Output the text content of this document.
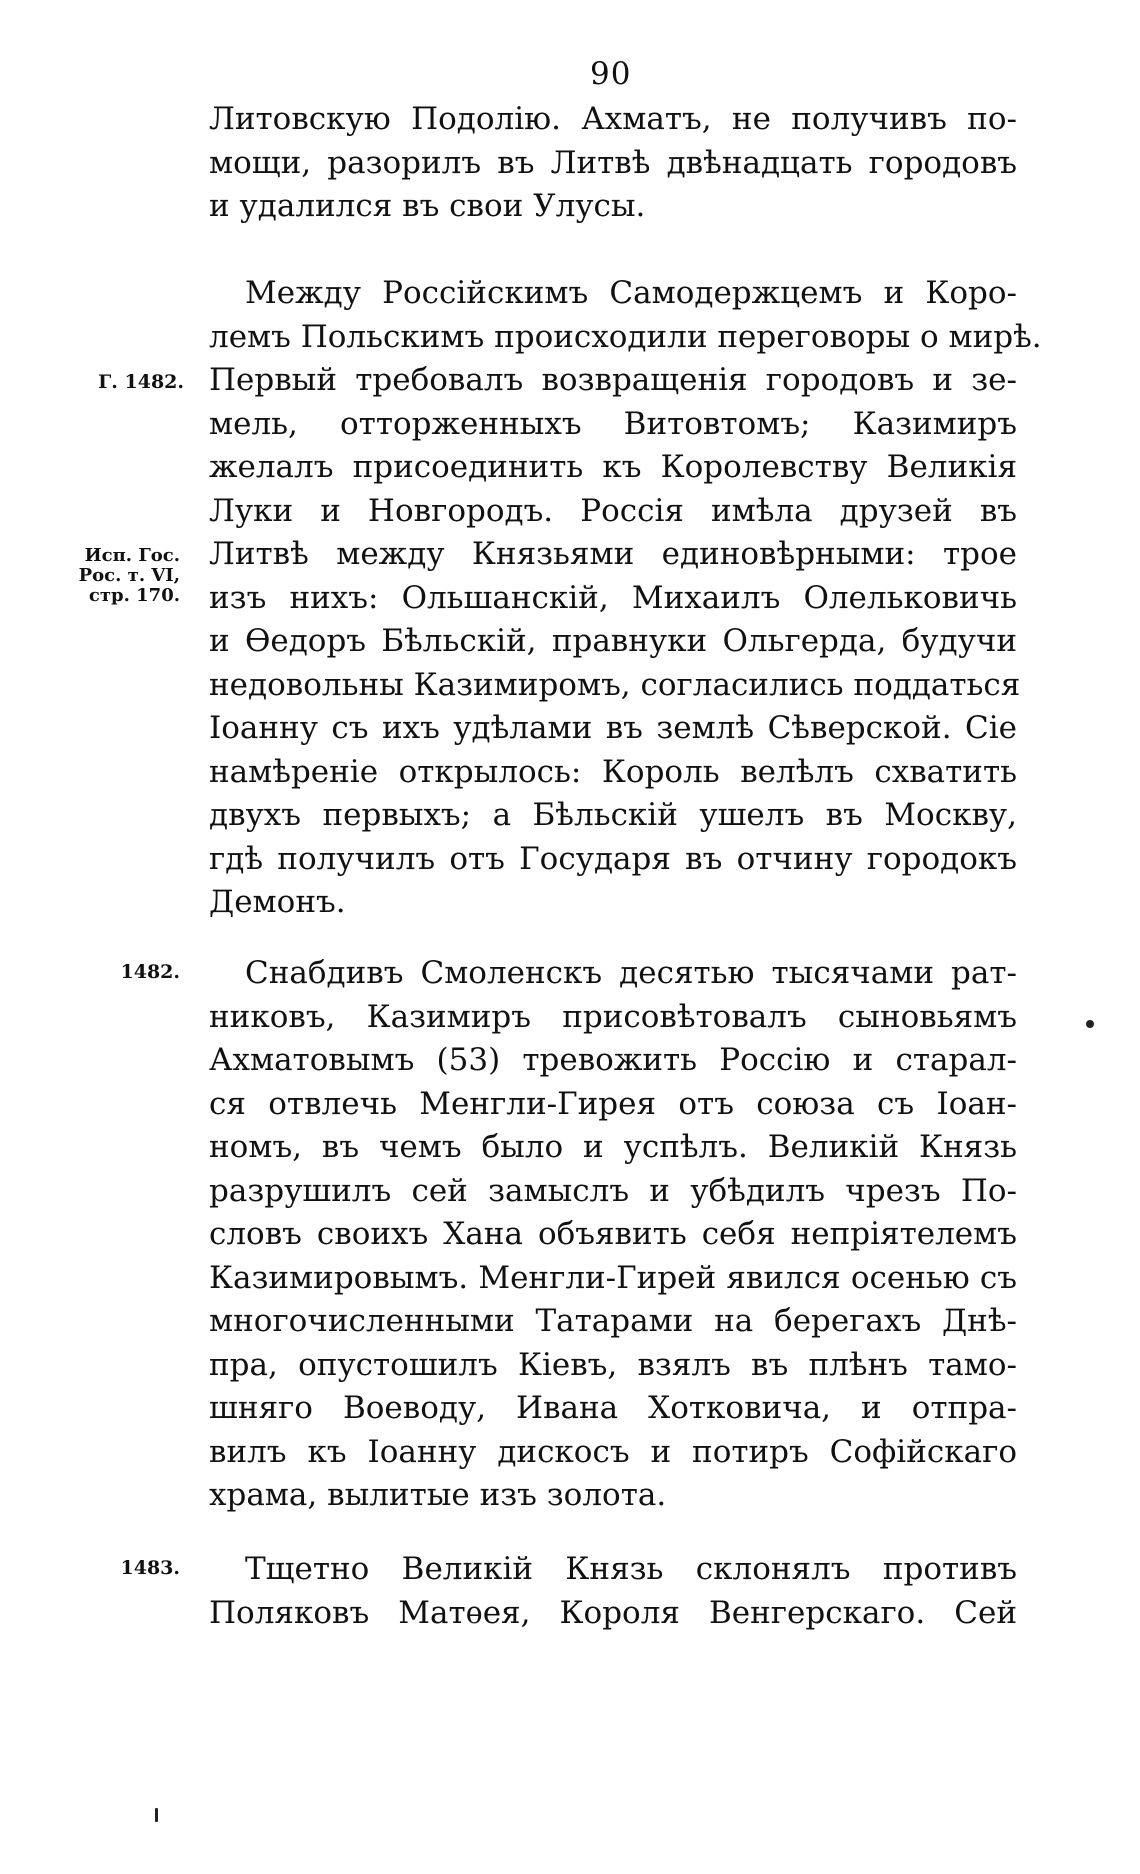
90
Литовскую Подолію. Ахматъ, не получивъ по-
мощи, разорилъ въ Литвѣ двѣнадцать городовъ
и удалился въ свои Улусы.
Между Россійскимъ Самодержцемъ и Коро-
лемъ Польскимъ происходили переговоры о мирѣ.
Первый требовалъ возвращенія городовъ и зе-
мель, отторженныхъ Витовтомъ; Казимиръ
желалъ присоединить къ Королевству Великія
Луки и Новгородъ. Россія имѣла друзей въ
Литвѣ между Князьями единовѣрными: трое
изъ нихъ: Ольшанскій, Михаилъ Олельковичь
и Ѳедоръ Бѣльскій, правнуки Ольгерда, будучи
недовольны Казимиромъ, согласились поддаться
Іоанну съ ихъ удѣлами въ землѣ Сѣверской. Сіе
намѣреніе открылось: Король велѣлъ схватить
двухъ первыхъ; а Бѣльскій ушелъ въ Москву,
гдѣ получилъ отъ Государя въ отчину городокъ
Демонъ.
Снабдивъ Смоленскъ десятью тысячами рат-
никовъ, Казимиръ присовѣтовалъ сыновьямъ
Ахматовымъ (53) тревожить Россію и старал-
ся отвлечь Менгли-Гирея отъ союза съ Іоан-
номъ, въ чемъ было и успѣлъ. Великій Князь
разрушилъ сей замыслъ и убѣдилъ чрезъ По-
словъ своихъ Хана объявить себя непріятелемъ
Казимировымъ. Менгли-Гирей явился осенью съ
многочисленными Татарами на берегахъ Днѣ-
пра, опустошилъ Кіевъ, взялъ въ плѣнъ тамо-
шняго Воеводу, Ивана Хотковича, и отпра-
вилъ къ Іоанну дискосъ и потиръ Софійскаго
храма, вылитые изъ золота.
Тщетно Великій Князь склонялъ противъ
Поляковъ Матѳея, Короля Венгерскаго. Сей
Г. 1482.
Исп. Гос.
Рос. т. VI,
стр. 170.
1482.
1483.
